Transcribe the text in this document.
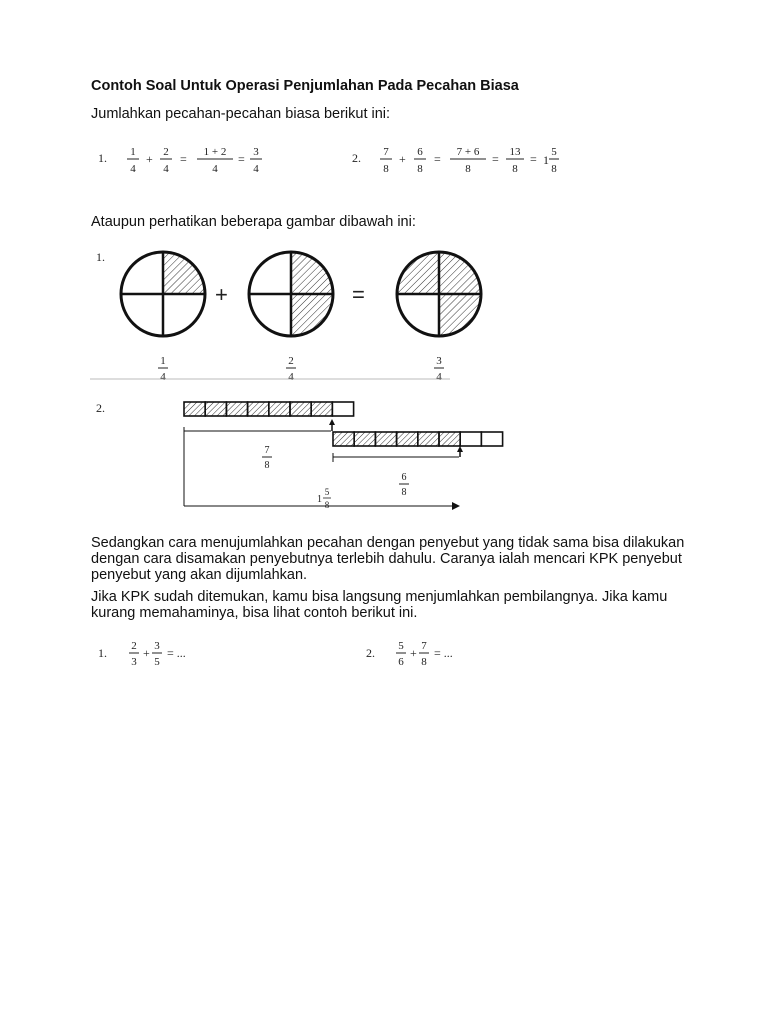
Contoh Soal Untuk Operasi Penjumlahan Pada Pecahan Biasa
Jumlahkan pecahan-pecahan biasa berikut ini:
1. 1
4
+ 2
4
= 1 + 2
4
= 3
4
2. 7
8
+ 6
8
= 7 + 6
8
= 13
8
= 1
5
8
Ataupun perhatikan beberapa gambar dibawah ini:
1.
+	=
1
4
2
4
3
4
2.
7
8
6
8
1
5
8
Sedangkan cara menujumlahkan pecahan dengan penyebut yang tidak sama bisa dilakukan dengan cara disamakan penyebutnya terlebih dahulu. Caranya ialah mencari KPK penyebut penyebut yang akan dijumlahkan.
Jika KPK sudah ditemukan, kamu bisa langsung menjumlahkan pembilangnya. Jika kamu kurang memahaminya, bisa lihat contoh berikut ini.
1. 2
3
+ 3
5
= ...	2. 5
6
+ 7
8
= ...
